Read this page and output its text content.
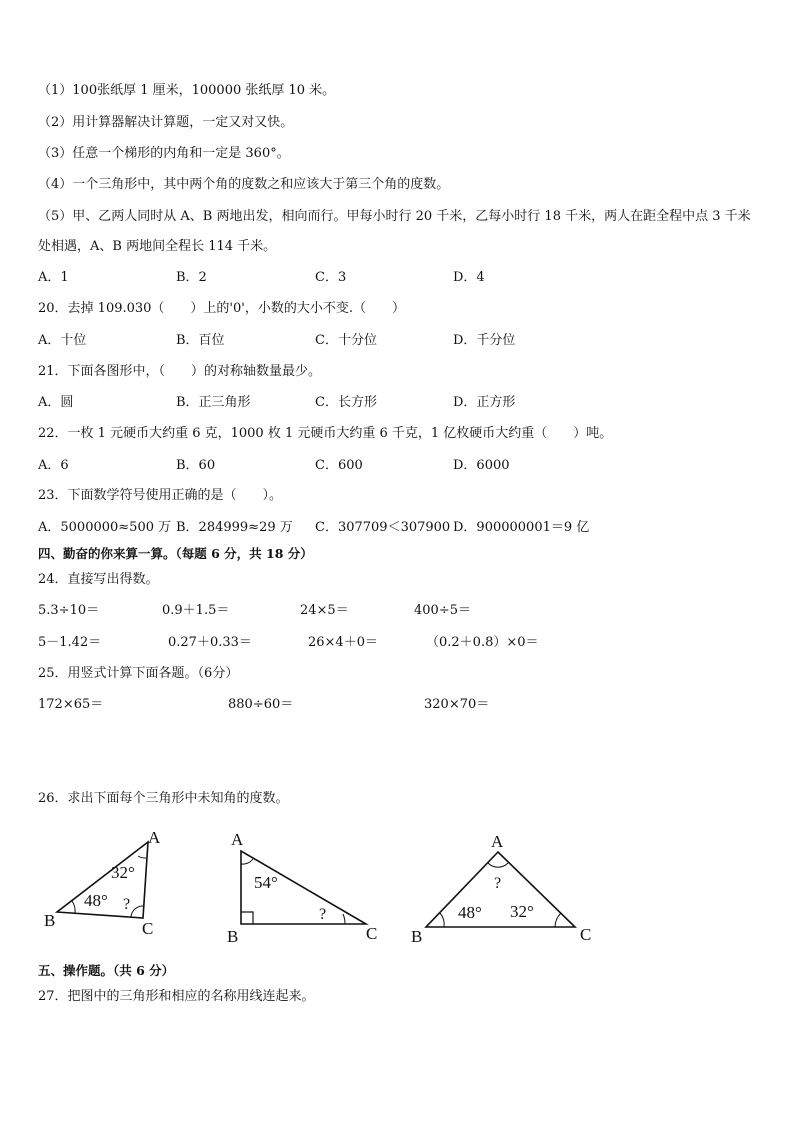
（1）100张纸厚 1 厘米，100000 张纸厚 10 米。
（2）用计算器解决计算题，一定又对又快。
（3）任意一个梯形的内角和一定是 360°。
（4）一个三角形中，其中两个角的度数之和应该大于第三个角的度数。
（5）甲、乙两人同时从 A、B 两地出发，相向而行。甲每小时行 20 千米，乙每小时行 18 千米，两人在距全程中点 3 千米处相遇，A、B 两地间全程长 114 千米。
A．1	B．2	C．3	D．4
20．去掉 109.030（　　）上的'0'，小数的大小不变.（　　）
A．十位	B．百位	C．十分位	D．千分位
21．下面各图形中，（　　）的对称轴数量最少。
A．圆	B．正三角形	C．长方形	D．正方形
22．一枚 1 元硬币大约重 6 克，1000 枚 1 元硬币大约重 6 千克，1 亿枚硬币大约重（　　）吨。
A．6	B．60	C．600	D．6000
23．下面数学符号使用正确的是（　　）。
A．5000000≈500 万 B．284999≈29 万 C．307709＜307900 D．900000001＝9 亿
四、勤奋的你来算一算。（每题 6 分，共 18 分）
24．直接写出得数。
5.3÷10＝	0.9＋1.5＝	24×5＝	400÷5＝
5－1.42＝	0.27＋0.33＝	26×4＋0＝	（0.2＋0.8）×0＝
25．用竖式计算下面各题。（6分）
172×65＝	880÷60＝	320×70＝
26．求出下面每个三角形中未知角的度数。
A
B	C
32°
48° ?
A
B	C
54°
?
A
B	C
?
48° 32°
五、操作题。（共 6 分）
27．把图中的三角形和相应的名称用线连起来。
